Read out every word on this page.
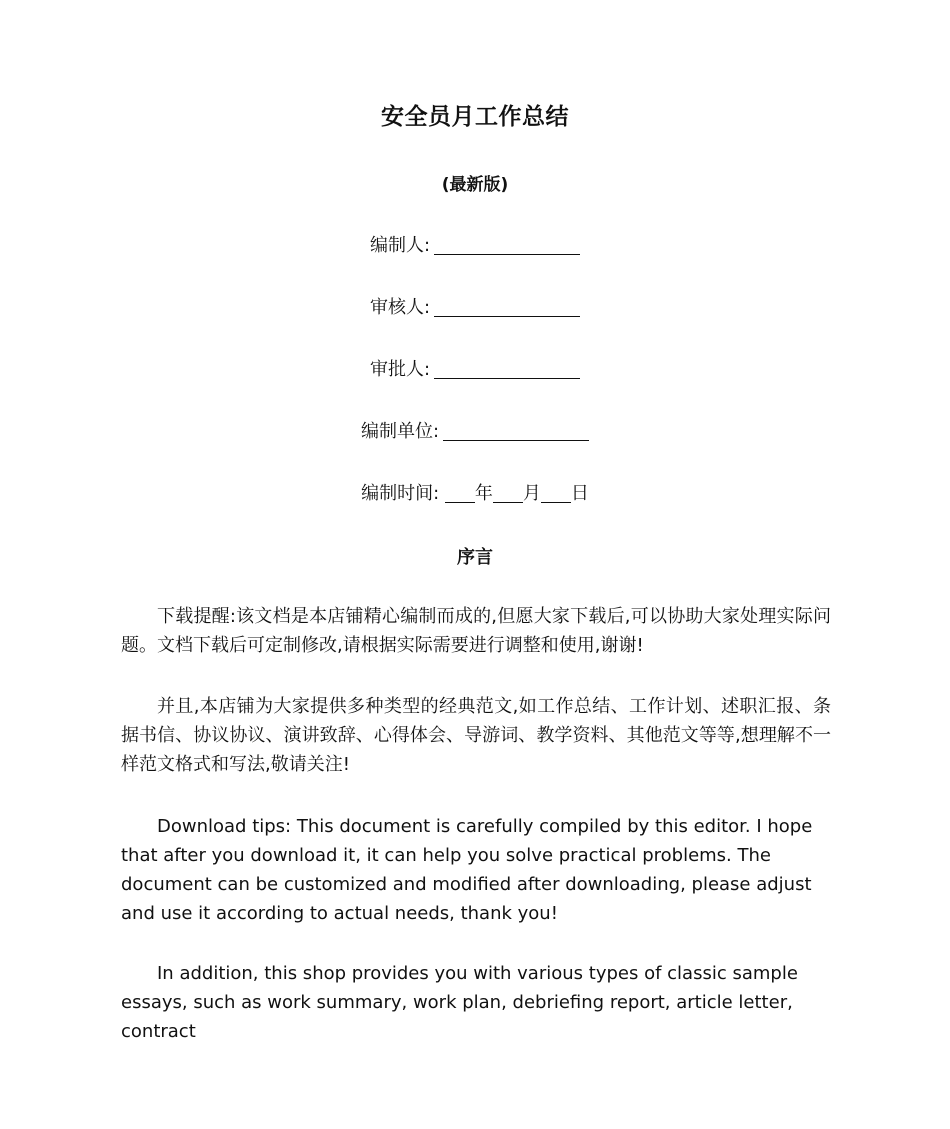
安全员月工作总结
(最新版)
编制人:
审核人:
审批人:
编制单位:
编制时间: 年 月 日
序言
下载提醒:该文档是本店铺精心编制而成的,但愿大家下载后,可以协助大家处理实际问题。文档下载后可定制修改,请根据实际需要进行调整和使用,谢谢!
并且,本店铺为大家提供多种类型的经典范文,如工作总结、工作计划、述职汇报、条据书信、协议协议、演讲致辞、心得体会、导游词、教学资料、其他范文等等,想理解不一样范文格式和写法,敬请关注!
Download tips: This document is carefully compiled by this editor. I hope that after you download it, it can help you solve practical problems. The document can be customized and modified after downloading, please adjust and use it according to actual needs, thank you!
In addition, this shop provides you with various types of classic sample essays, such as work summary, work plan, debriefing report, article letter, contract
